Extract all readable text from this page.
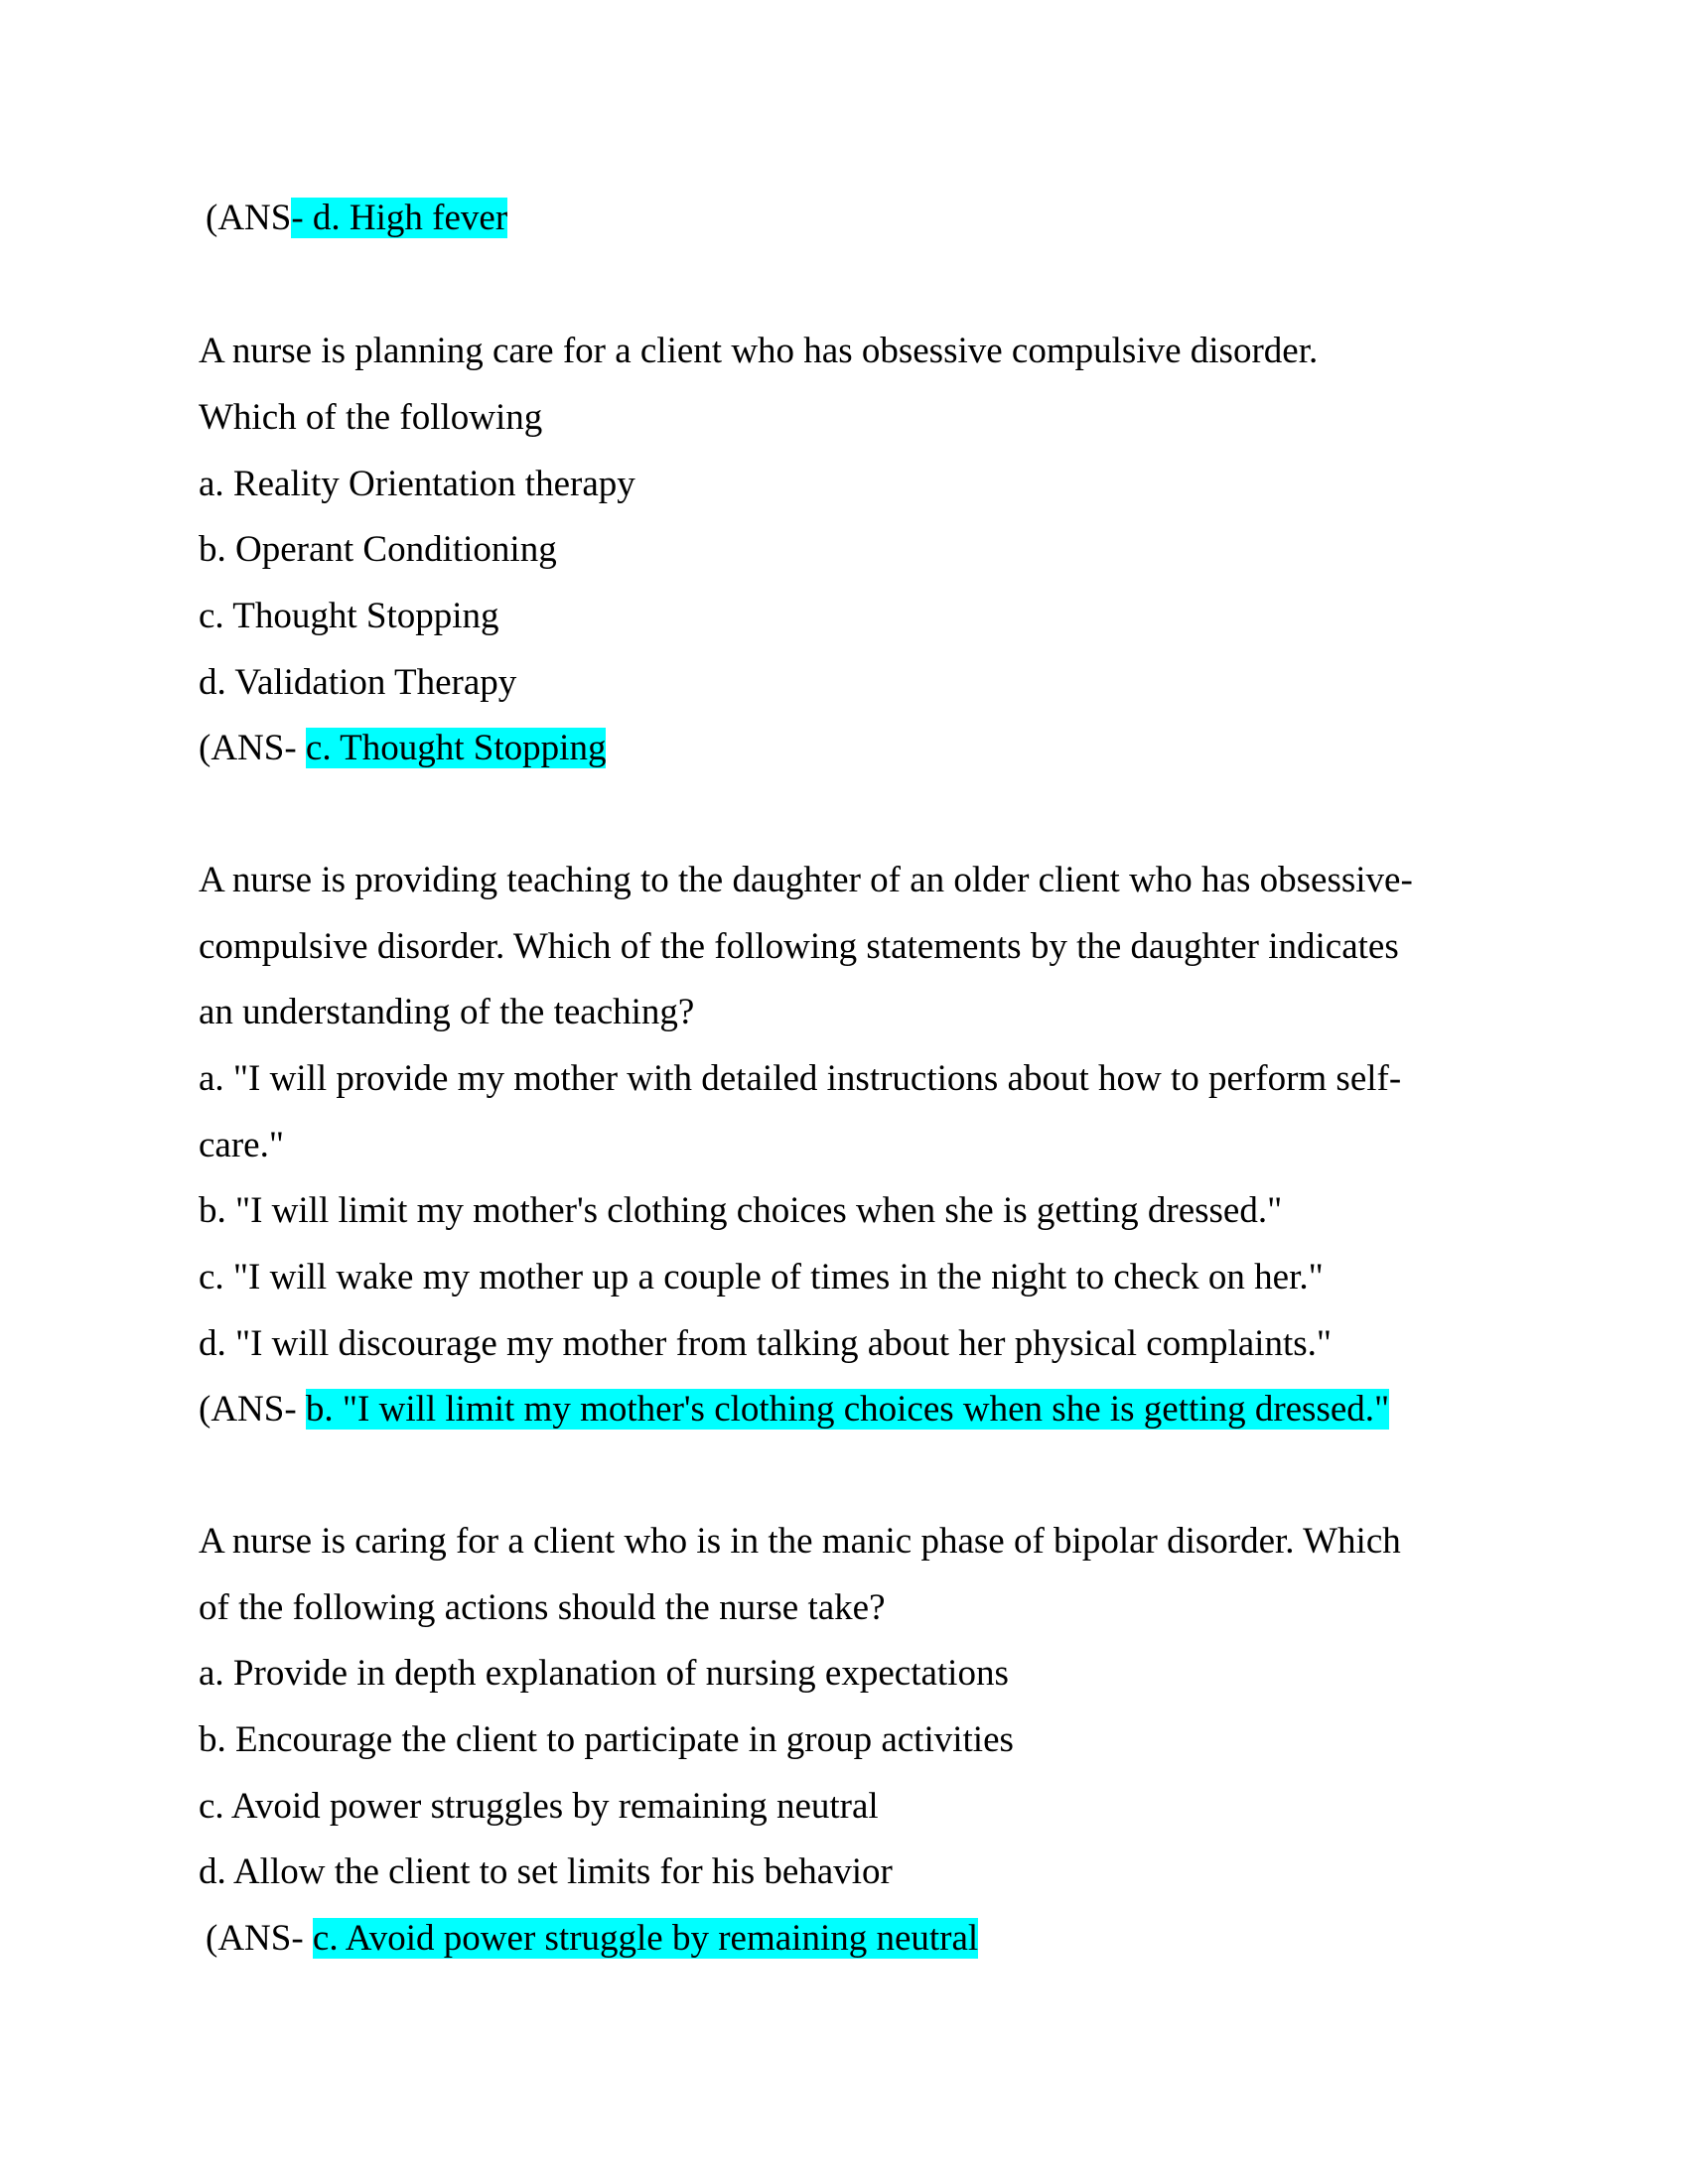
(ANS- d. High fever
A nurse is planning care for a client who has obsessive compulsive disorder.
Which of the following
a. Reality Orientation therapy
b. Operant Conditioning
c. Thought Stopping
d. Validation Therapy
(ANS- c. Thought Stopping
A nurse is providing teaching to the daughter of an older client who has obsessive-
compulsive disorder. Which of the following statements by the daughter indicates
an understanding of the teaching?
a. "I will provide my mother with detailed instructions about how to perform self-
care."
b. "I will limit my mother's clothing choices when she is getting dressed."
c. "I will wake my mother up a couple of times in the night to check on her."
d. "I will discourage my mother from talking about her physical complaints."
(ANS- b. "I will limit my mother's clothing choices when she is getting dressed."
A nurse is caring for a client who is in the manic phase of bipolar disorder. Which
of the following actions should the nurse take?
a. Provide in depth explanation of nursing expectations
b. Encourage the client to participate in group activities
c. Avoid power struggles by remaining neutral
d. Allow the client to set limits for his behavior
(ANS- c. Avoid power struggle by remaining neutral
